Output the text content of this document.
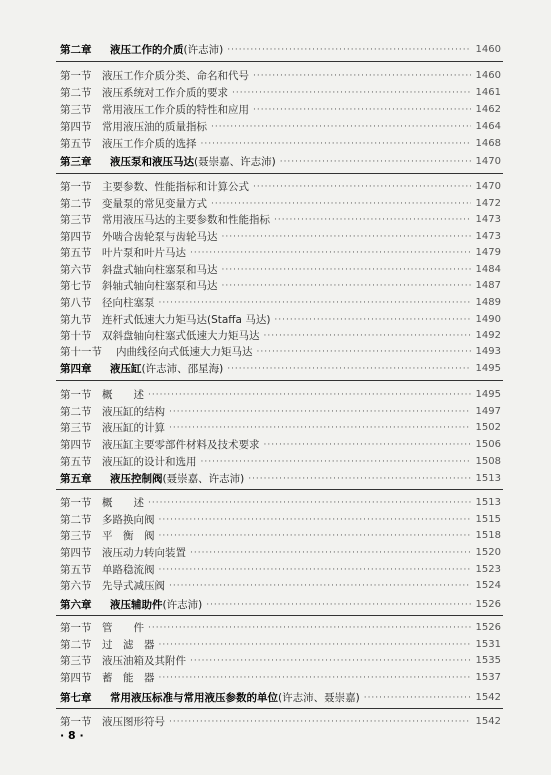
第二章	液压工作的介质 (许志沛) ·····	1460
第一节	液压工作介质分类、命名和代号 ·····	1460
第二节	液压系统对工作介质的要求 ·····	1461
第三节	常用液压工作介质的特性和应用 ·····	1462
第四节	常用液压油的质量指标 ·····	1464
第五节	液压工作介质的选择 ·····	1468
第三章	液压泵和液压马达 (聂崇嘉、许志沛) ·····	1470
第一节	主要参数、性能指标和计算公式 ·····	1470
第二节	变量泵的常见变量方式 ·····	1472
第三节	常用液压马达的主要参数和性能指标 ·····	1473
第四节	外啮合齿轮泵与齿轮马达 ·····	1473
第五节	叶片泵和叶片马达 ·····	1479
第六节	斜盘式轴向柱塞泵和马达 ·····	1484
第七节	斜轴式轴向柱塞泵和马达 ·····	1487
第八节	径向柱塞泵 ·····	1489
第九节	连杆式低速大力矩马达(Staffa 马达) ·····	1490
第十节	双斜盘轴向柱塞式低速大力矩马达 ·····	1492
第十一节	内曲线径向式低速大力矩马达 ·····	1493
第四章	液压缸 (许志沛、邵星海) ·····	1495
第一节	概　　述 ·····	1495
第二节	液压缸的结构 ·····	1497
第三节	液压缸的计算 ·····	1502
第四节	液压缸主要零部件材料及技术要求 ·····	1506
第五节	液压缸的设计和选用 ·····	1508
第五章	液压控制阀 (聂崇嘉、许志沛) ·····	1513
第一节	概　　述 ·····	1513
第二节	多路换向阀 ·····	1515
第三节	平　衡　阀 ·····	1518
第四节	液压动力转向装置 ·····	1520
第五节	单路稳流阀 ·····	1523
第六节	先导式减压阀 ·····	1524
第六章	液压辅助件 (许志沛) ·····	1526
第一节	管　　件 ·····	1526
第二节	过　滤　器 ·····	1531
第三节	液压油箱及其附件 ·····	1535
第四节	蓄　能　器 ·····	1537
第七章	常用液压标准与常用液压参数的单位 (许志沛、聂崇嘉) ·····	1542
第一节	液压图形符号 ·····	1542
· 8 ·
